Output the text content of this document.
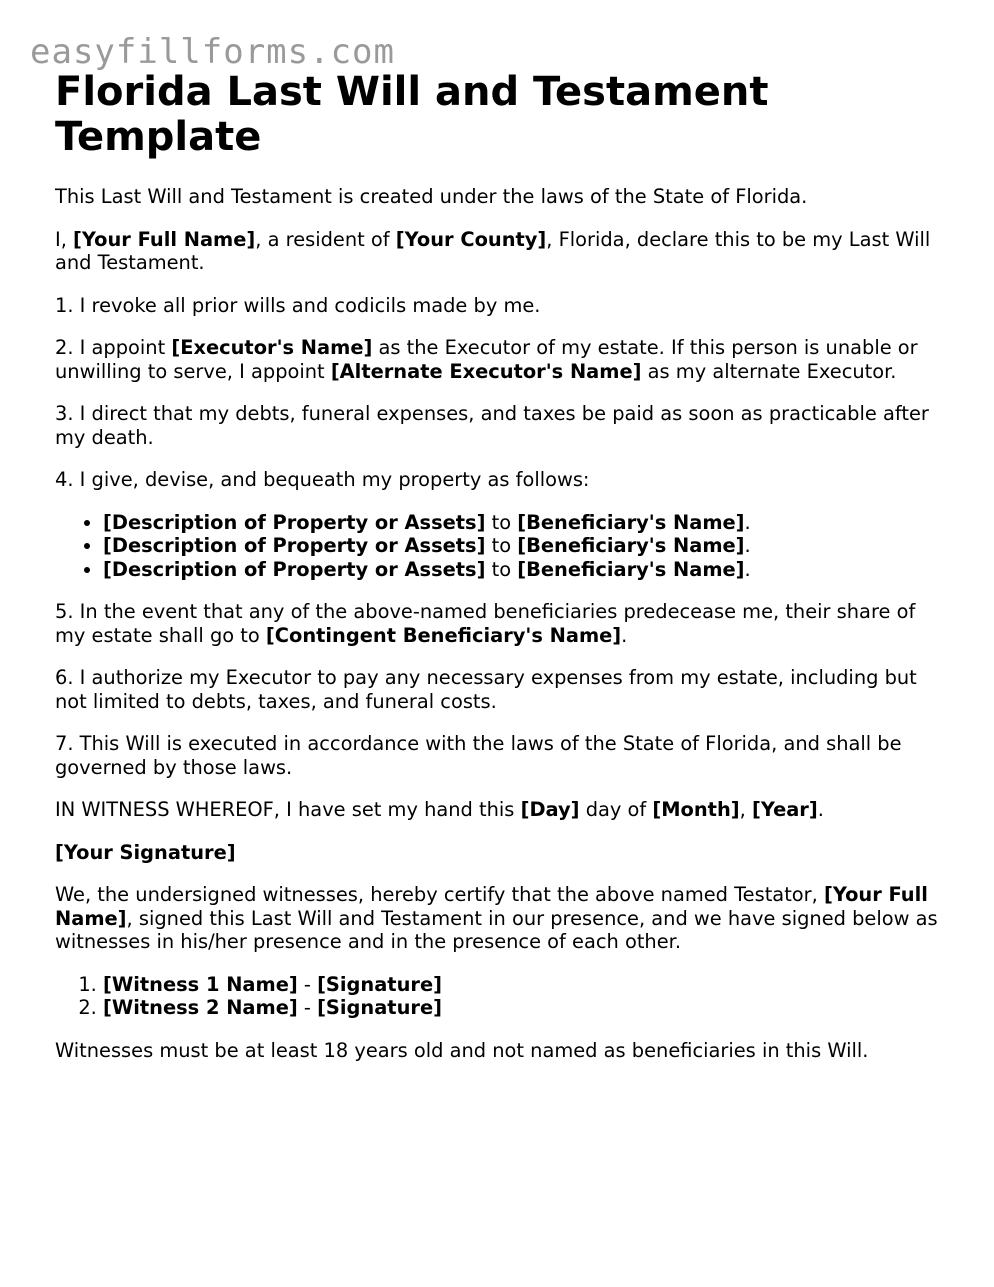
easyfillforms.com
Florida Last Will and Testament Template

This Last Will and Testament is created under the laws of the State of Florida.

I, [Your Full Name], a resident of [Your County], Florida, declare this to be my Last Will and Testament.

1. I revoke all prior wills and codicils made by me.

2. I appoint [Executor's Name] as the Executor of my estate. If this person is unable or unwilling to serve, I appoint [Alternate Executor's Name] as my alternate Executor.

3. I direct that my debts, funeral expenses, and taxes be paid as soon as practicable after my death.

4. I give, devise, and bequeath my property as follows:

• [Description of Property or Assets] to [Beneficiary's Name].
• [Description of Property or Assets] to [Beneficiary's Name].
• [Description of Property or Assets] to [Beneficiary's Name].

5. In the event that any of the above-named beneficiaries predecease me, their share of my estate shall go to [Contingent Beneficiary's Name].

6. I authorize my Executor to pay any necessary expenses from my estate, including but not limited to debts, taxes, and funeral costs.

7. This Will is executed in accordance with the laws of the State of Florida, and shall be governed by those laws.

IN WITNESS WHEREOF, I have set my hand this [Day] day of [Month], [Year].

[Your Signature]

We, the undersigned witnesses, hereby certify that the above named Testator, [Your Full Name], signed this Last Will and Testament in our presence, and we have signed below as witnesses in his/her presence and in the presence of each other.

1. [Witness 1 Name] - [Signature]
2. [Witness 2 Name] - [Signature]

Witnesses must be at least 18 years old and not named as beneficiaries in this Will.
